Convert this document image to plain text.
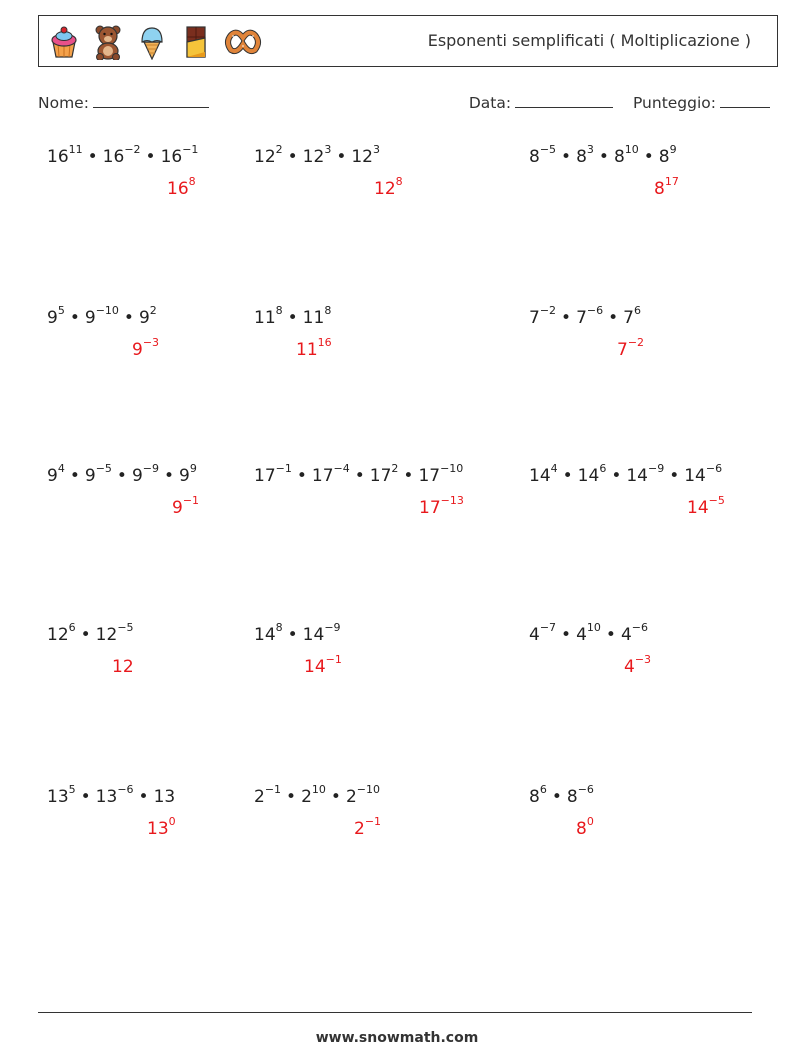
Esponenti semplificati ( Moltiplicazione )
Nome:	Data:	Punteggio:
$16^{11}$ • $16^{-2}$ • $16^{-1}$
$16^8$
$12^2$ • $12^3$ • $12^3$
$12^8$
$8^{-5}$ • $8^3$ • $8^{10}$ • $8^9$
$8^{17}$
$9^5$ • $9^{-10}$ • $9^2$
$9^{-3}$
$11^8$ • $11^8$
$11^{16}$
$7^{-2}$ • $7^{-6}$ • $7^6$
$7^{-2}$
$9^4$ • $9^{-5}$ • $9^{-9}$ • $9^9$
$9^{-1}$
$17^{-1}$ • $17^{-4}$ • $17^2$ • $17^{-10}$
$17^{-13}$
$14^4$ • $14^6$ • $14^{-9}$ • $14^{-6}$
$14^{-5}$
$12^6$ • $12^{-5}$
12
$14^8$ • $14^{-9}$
$14^{-1}$
$4^{-7}$ • $4^{10}$ • $4^{-6}$
$4^{-3}$
$13^5$ • $13^{-6}$ • 13
$13^0$
$2^{-1}$ • $2^{10}$ • $2^{-10}$
$2^{-1}$
$8^6$ • $8^{-6}$
$8^0$
www.snowmath.com
